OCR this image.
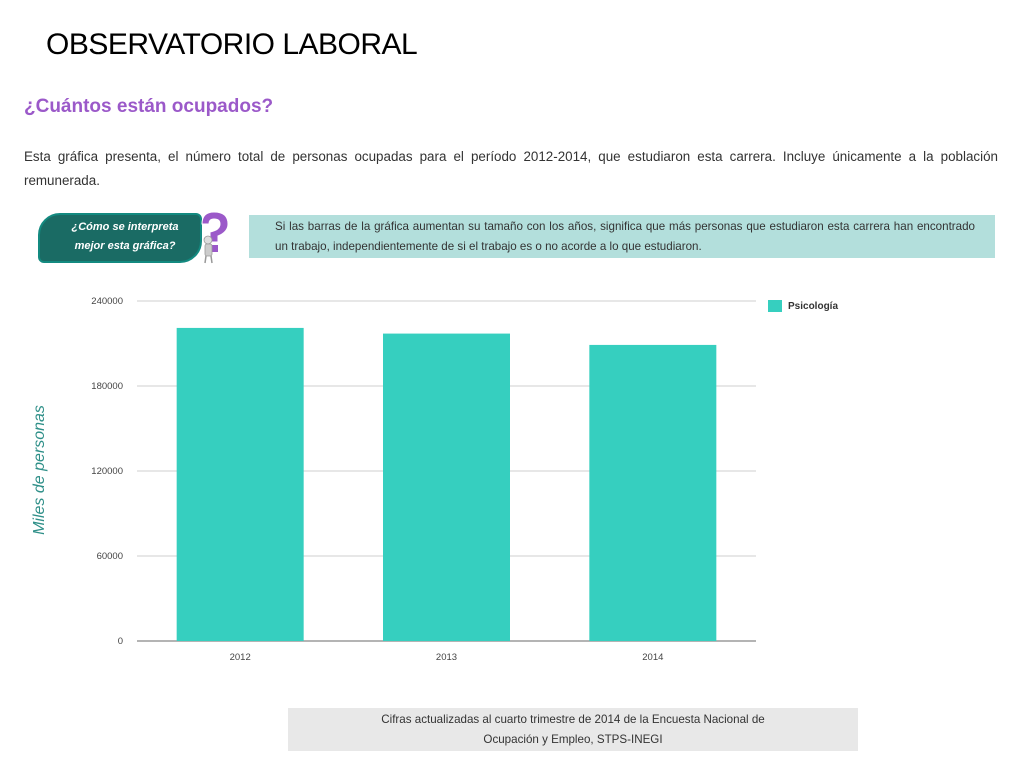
OBSERVATORIO LABORAL
¿Cuántos están ocupados?
Esta gráfica presenta, el número total de personas ocupadas para el período 2012-2014, que estudiaron esta carrera. Incluye únicamente a la población remunerada.
¿Cómo se interpreta
mejor esta gráfica?
Si las barras de la gráfica aumentan su tamaño con los años, significa que más personas que estudiaron esta carrera han encontrado un trabajo, independientemente de si el trabajo es o no acorde a lo que estudiaron.
0
60000
120000
180000
240000
2012	2013	2014
Miles de personas
Psicología
Cifras actualizadas al cuarto trimestre de 2014 de la Encuesta Nacional de
Ocupación y Empleo, STPS-INEGI
